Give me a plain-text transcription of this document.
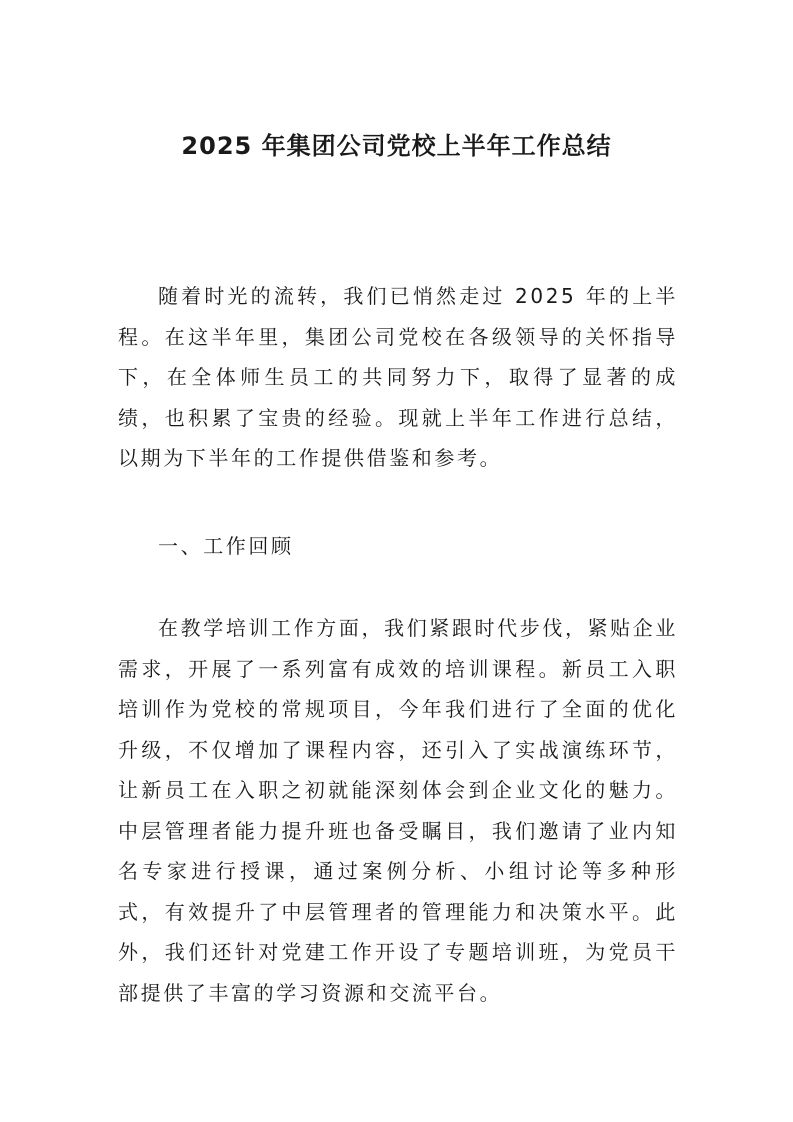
2025 年集团公司党校上半年工作总结

随着时光的流转，我们已悄然走过 2025 年的上半程。在这半年里，集团公司党校在各级领导的关怀指导下，在全体师生员工的共同努力下，取得了显著的成绩，也积累了宝贵的经验。现就上半年工作进行总结，以期为下半年的工作提供借鉴和参考。

一、工作回顾

在教学培训工作方面，我们紧跟时代步伐，紧贴企业需求，开展了一系列富有成效的培训课程。新员工入职培训作为党校的常规项目，今年我们进行了全面的优化升级，不仅增加了课程内容，还引入了实战演练环节，让新员工在入职之初就能深刻体会到企业文化的魅力。中层管理者能力提升班也备受瞩目，我们邀请了业内知名专家进行授课，通过案例分析、小组讨论等多种形式，有效提升了中层管理者的管理能力和决策水平。此外，我们还针对党建工作开设了专题培训班，为党员干部提供了丰富的学习资源和交流平台。
